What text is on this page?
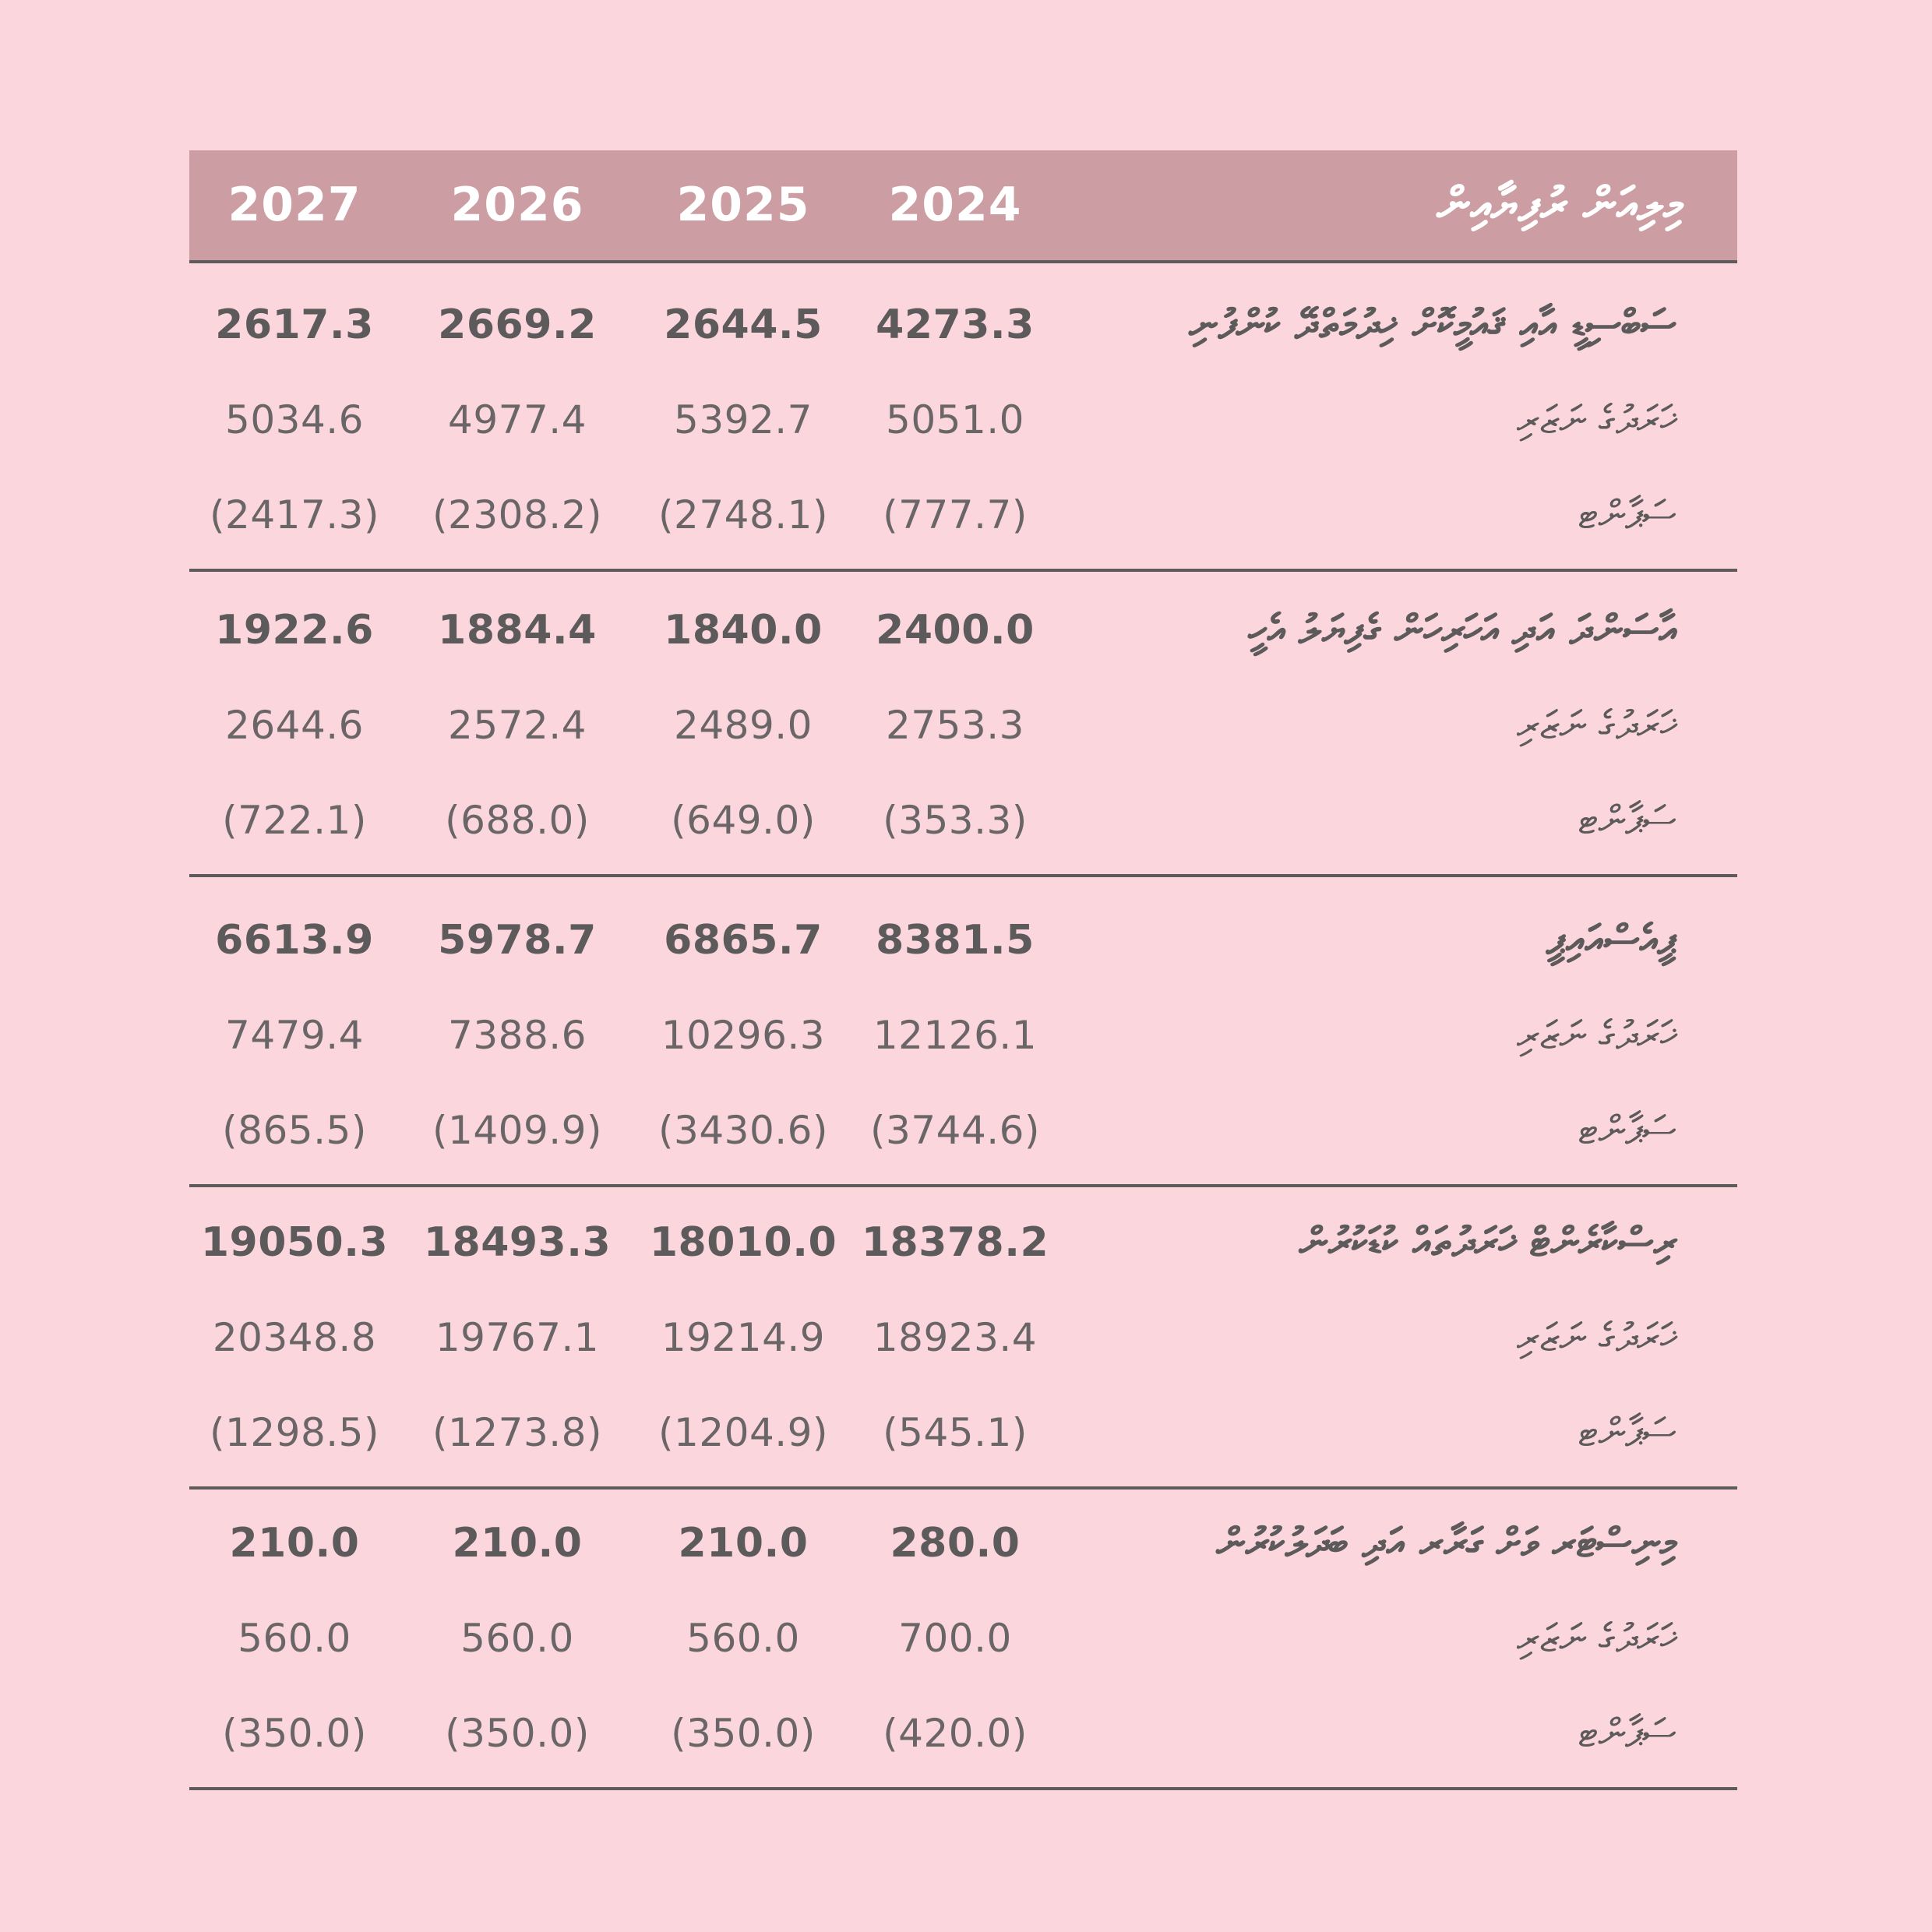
2027	2026	2025	2024	މިލިއަން ރުފިޔާއިން
2617.3	2669.2	2644.5	4273.3	ސަބްސިޑީ އާއި ޤައުމީކޮށް ޚިދުމަތްދޭ ކުންފުނި
5034.6	4977.4	5392.7	5051.0	ޚަރަދުގެ ނަޒަރި
(2417.3)	(2308.2)	(2748.1)	(777.7)	ސަޕާންޓ
1922.6	1884.4	1840.0	2400.0	އާސަންދަ އަދި އަހަރިހަން ގެފިޔަލު އެހީ
2644.6	2572.4	2489.0	2753.3	ޚަރަދުގެ ނަޒަރި
(722.1)	(688.0)	(649.0)	(353.3)	ސަޕާންޓ
6613.9	5978.7	6865.7	8381.5	ޕީއެސްއައިޕީ
7479.4	7388.6	10296.3	12126.1	ޚަރަދުގެ ނަޒަރި
(865.5)	(1409.9)	(3430.6)	(3744.6)	ސަޕާންޓ
19050.3 18493.3 18010.0 18378.2	ރިސްކާރެންޓް ޚަރަދުތައް ކުޑަކުރުން
20348.8	19767.1	19214.9	18923.4	ޚަރަދުގެ ނަޒަރި
(1298.5)	(1273.8)	(1204.9)	(545.1)	ސަޕާންޓ
210.0	210.0	210.0	280.0	މިނިސްޓަރ ވަށް ގަރާރ އަދި ބަދަލުކުރުން
560.0	560.0	560.0	700.0	ޚަރަދުގެ ނަޒަރި
(350.0)	(350.0)	(350.0)	(420.0)	ސަޕާންޓ
